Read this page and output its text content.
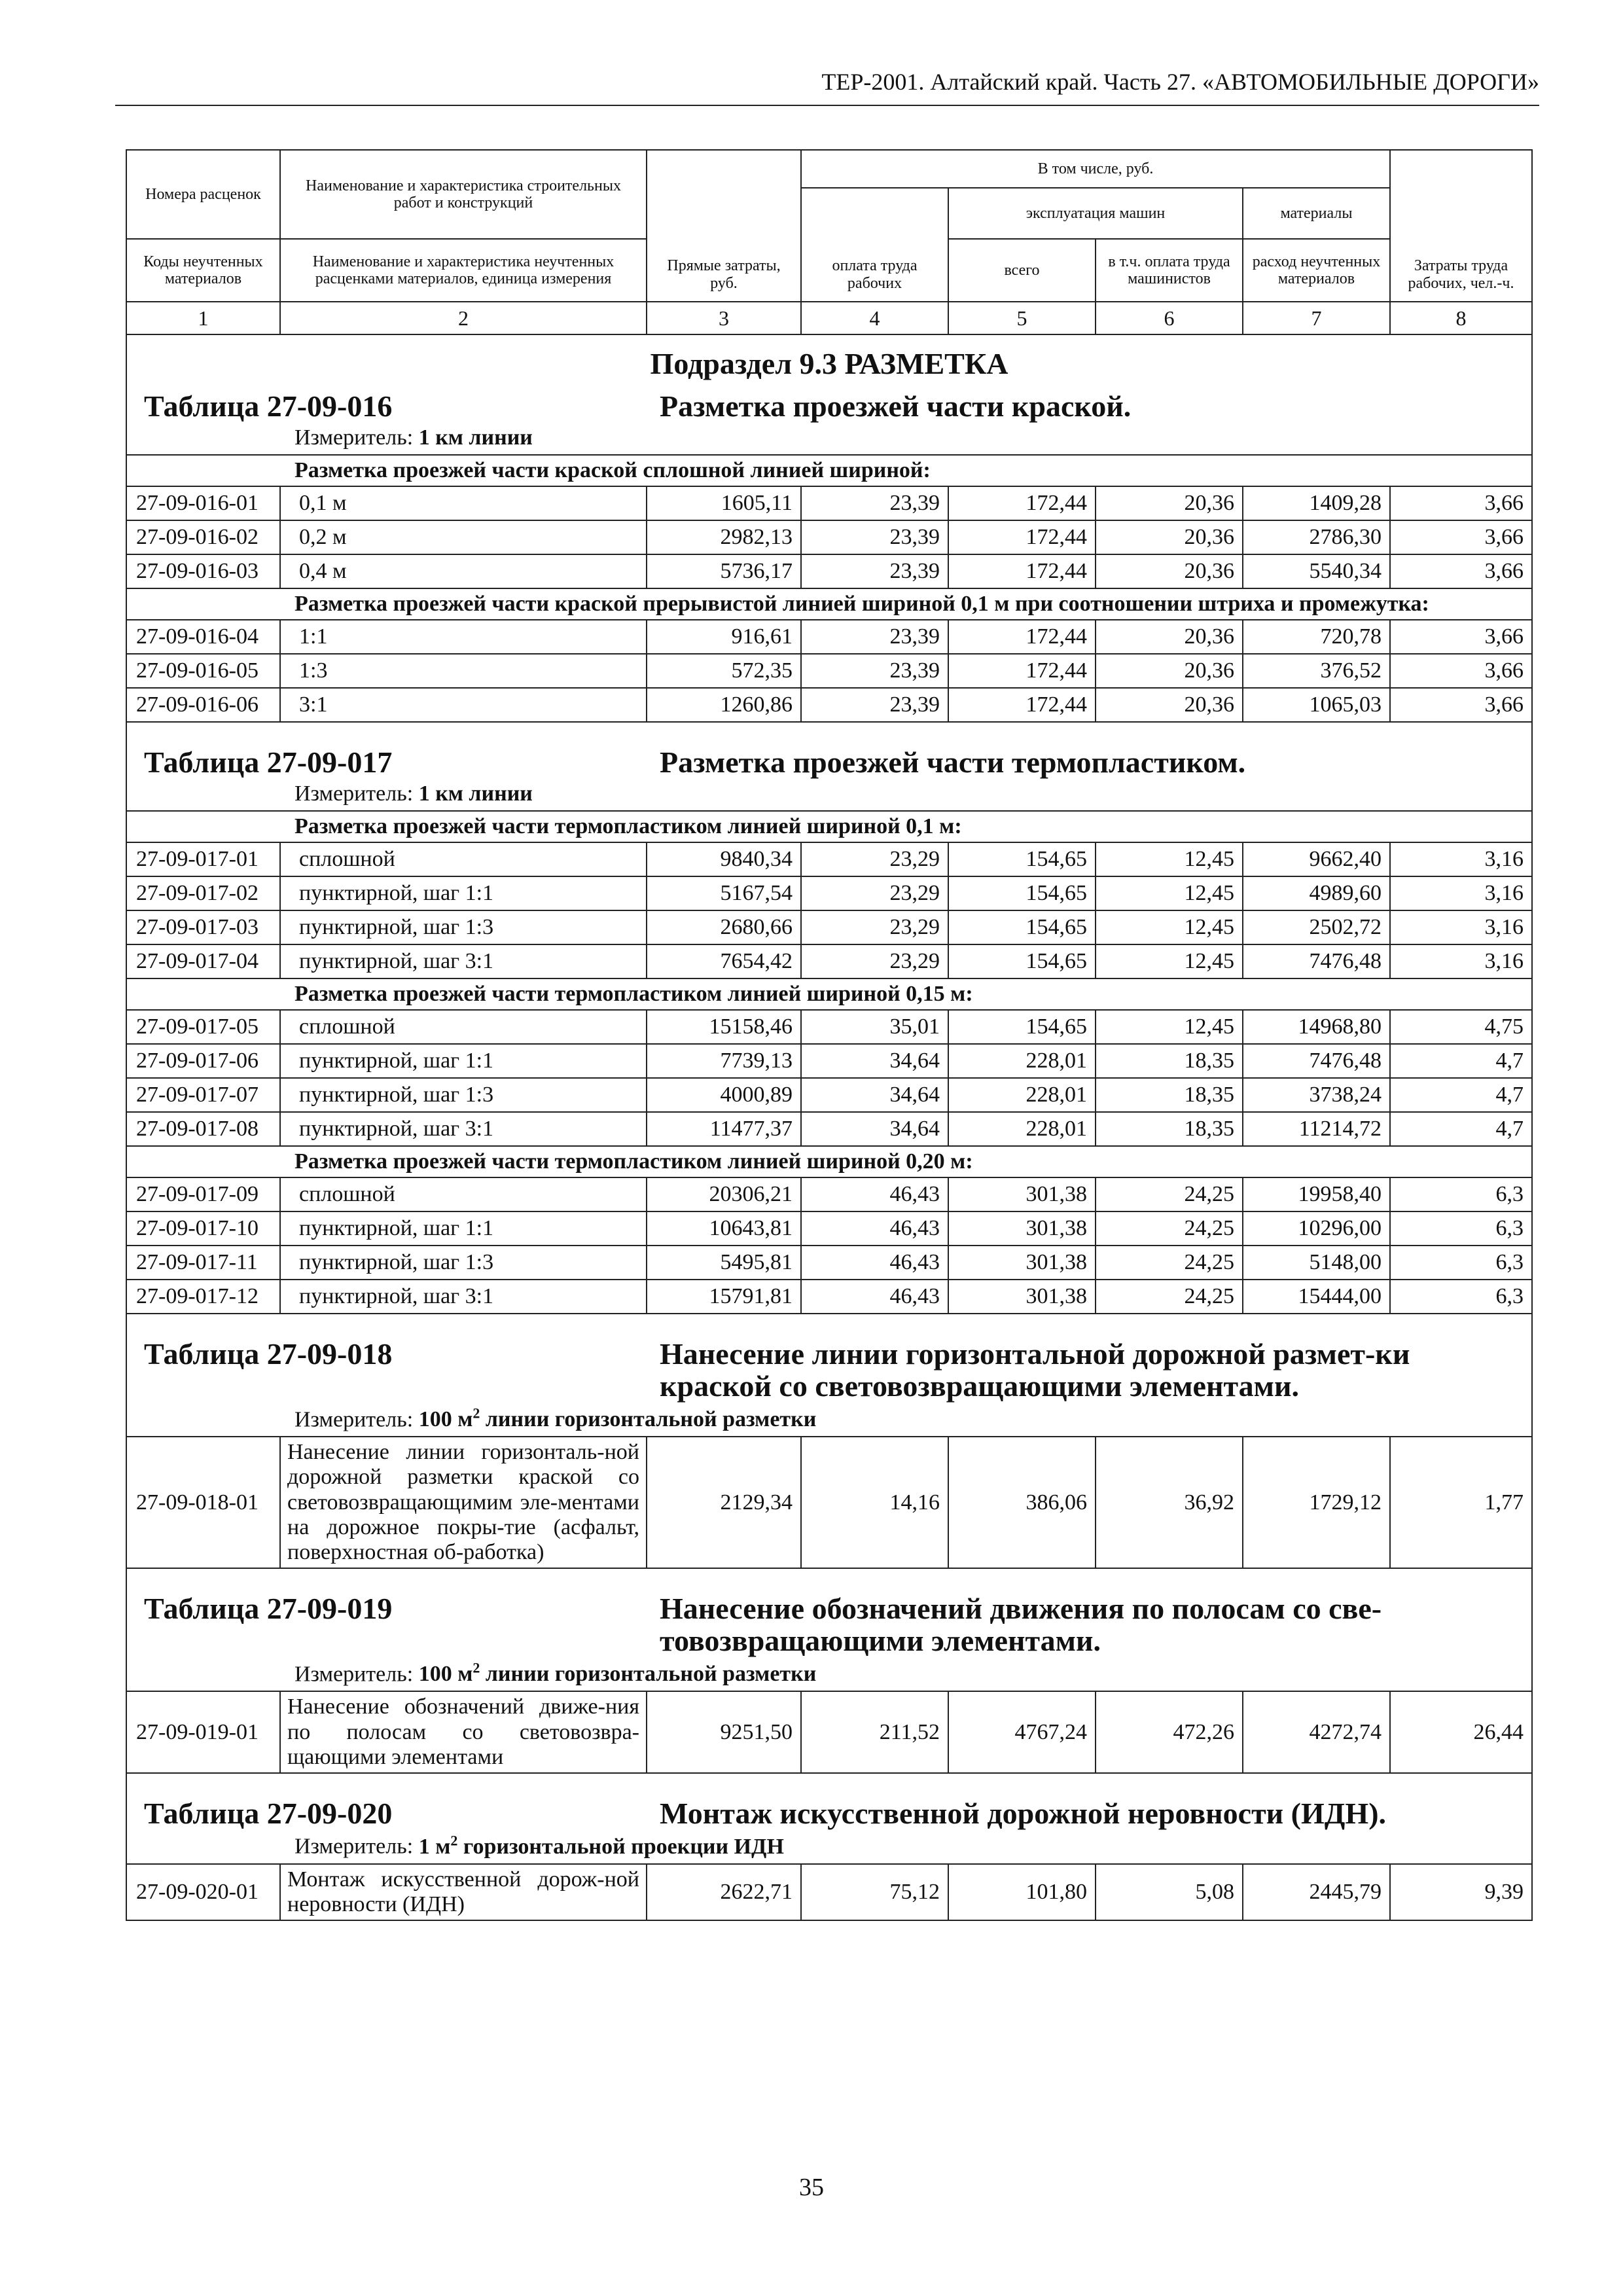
ТЕР-2001. Алтайский край. Часть 27. «АВТОМОБИЛЬНЫЕ ДОРОГИ»
Номера расценок	Наименование и характеристика строительных работ и конструкций	Прямые затраты, руб.	В том числе, руб.				Затраты труда рабочих, чел.-ч.
			оплата труда рабочих	эксплуатация машин		материалы	
Коды неучтенных материалов	Наименование и характеристика неучтенных расценками материалов, единица измерения			всего	в т.ч. оплата труда машинистов	расход неучтенных материалов	
1	2	3	4	5	6	7	8
Подраздел 9.3 РАЗМЕТКА							

Таблица 27-09-016 Разметка проезжей части краской.
Измеритель: 1 км линии							

Разметка проезжей части краской сплошной линией шириной:							
27-09-016-01	0,1 м	1605,11	23,39	172,44	20,36	1409,28	3,66
27-09-016-02	0,2 м	2982,13	23,39	172,44	20,36	2786,30	3,66
27-09-016-03	0,4 м	5736,17	23,39	172,44	20,36	5540,34	3,66
Разметка проезжей части краской прерывистой линией шириной 0,1 м при соотношении штриха и промежутка:							
27-09-016-04	1:1	916,61	23,39	172,44	20,36	720,78	3,66
27-09-016-05	1:3	572,35	23,39	172,44	20,36	376,52	3,66
27-09-016-06	3:1	1260,86	23,39	172,44	20,36	1065,03	3,66

Таблица 27-09-017 Разметка проезжей части термопластиком.
Измеритель: 1 км линии							

Разметка проезжей части термопластиком линией шириной 0,1 м:							
27-09-017-01	сплошной	9840,34	23,29	154,65	12,45	9662,40	3,16
27-09-017-02	пунктирной, шаг 1:1	5167,54	23,29	154,65	12,45	4989,60	3,16
27-09-017-03	пунктирной, шаг 1:3	2680,66	23,29	154,65	12,45	2502,72	3,16
27-09-017-04	пунктирной, шаг 3:1	7654,42	23,29	154,65	12,45	7476,48	3,16
Разметка проезжей части термопластиком линией шириной 0,15 м:							
27-09-017-05	сплошной	15158,46	35,01	154,65	12,45	14968,80	4,75
27-09-017-06	пунктирной, шаг 1:1	7739,13	34,64	228,01	18,35	7476,48	4,7
27-09-017-07	пунктирной, шаг 1:3	4000,89	34,64	228,01	18,35	3738,24	4,7
27-09-017-08	пунктирной, шаг 3:1	11477,37	34,64	228,01	18,35	11214,72	4,7
Разметка проезжей части термопластиком линией шириной 0,20 м:							
27-09-017-09	сплошной	20306,21	46,43	301,38	24,25	19958,40	6,3
27-09-017-10	пунктирной, шаг 1:1	10643,81	46,43	301,38	24,25	10296,00	6,3
27-09-017-11	пунктирной, шаг 1:3	5495,81	46,43	301,38	24,25	5148,00	6,3
27-09-017-12	пунктирной, шаг 3:1	15791,81	46,43	301,38	24,25	15444,00	6,3

Таблица 27-09-018 Нанесение линии горизонтальной дорожной размет-ки краской со световозвращающими элементами.
Измеритель: 100 $м^2$ линии горизонтальной разметки							

27-09-018-01	Нанесение линии горизонталь-ной дорожной разметки краской со световозвращающимим эле-ментами на дорожное покры-тие (асфальт, поверхностная об-работка)	2129,34	14,16	386,06	36,92	1729,12	1,77

Таблица 27-09-019 Нанесение обозначений движения по полосам со све-товозвращающими элементами.
Измеритель: 100 $м^2$ линии горизонтальной разметки							

27-09-019-01	Нанесение обозначений движе-ния по полосам со световозвра-щающими элементами	9251,50	211,52	4767,24	472,26	4272,74	26,44

Таблица 27-09-020 Монтаж искусственной дорожной неровности (ИДН).
Измеритель: 1 $м^2$ горизонтальной проекции ИДН							

27-09-020-01	Монтаж искусственной дорож-ной неровности (ИДН)	2622,71	75,12	101,80	5,08	2445,79	9,39
35
